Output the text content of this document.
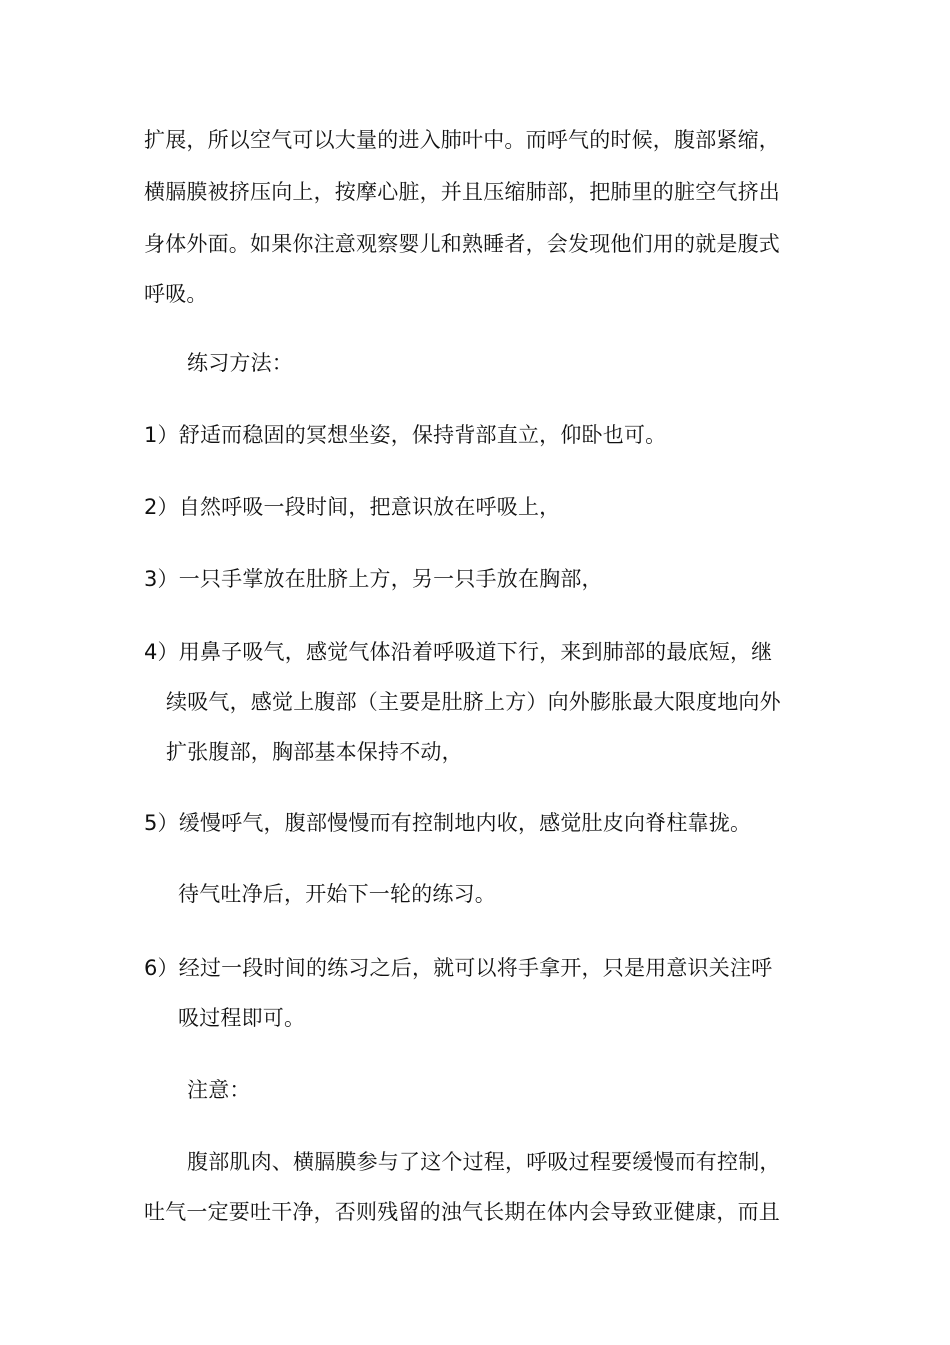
扩展，所以空气可以大量的进入肺叶中。而呼气的时候，腹部紧缩，
横膈膜被挤压向上，按摩心脏，并且压缩肺部，把肺里的脏空气挤出
身体外面。如果你注意观察婴儿和熟睡者，会发现他们用的就是腹式
呼吸。
练习方法：
1）舒适而稳固的冥想坐姿，保持背部直立，仰卧也可。
2）自然呼吸一段时间，把意识放在呼吸上，
3）一只手掌放在肚脐上方，另一只手放在胸部，
4）用鼻子吸气，感觉气体沿着呼吸道下行，来到肺部的最底短，继
续吸气，感觉上腹部（主要是肚脐上方）向外膨胀最大限度地向外
扩张腹部，胸部基本保持不动，
5）缓慢呼气，腹部慢慢而有控制地内收，感觉肚皮向脊柱靠拢。
待气吐净后，开始下一轮的练习。
6）经过一段时间的练习之后，就可以将手拿开，只是用意识关注呼
吸过程即可。
注意：
腹部肌肉、横膈膜参与了这个过程，呼吸过程要缓慢而有控制，
吐气一定要吐干净，否则残留的浊气长期在体内会导致亚健康，而且
